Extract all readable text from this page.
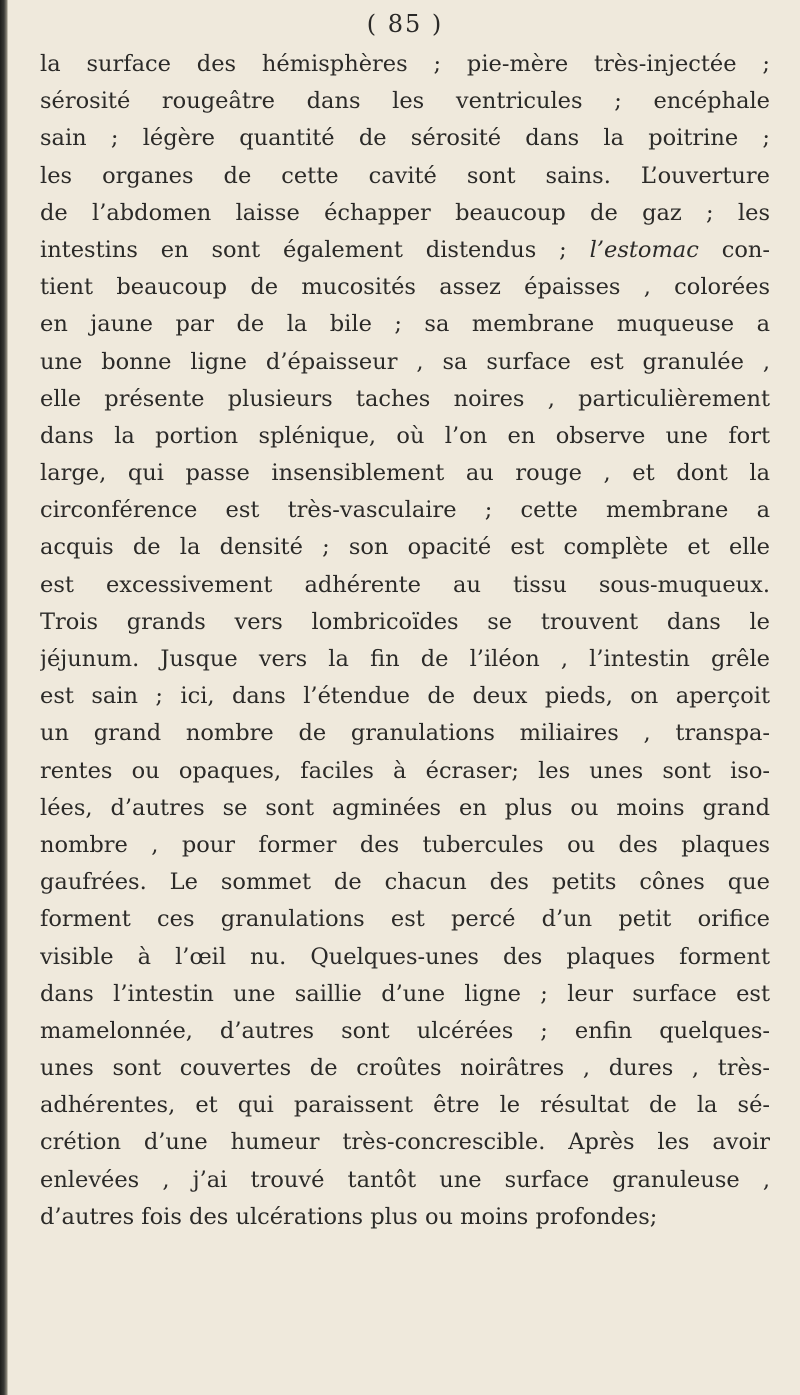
( 85 )
la surface des hémisphères ; pie-mère très-injectée ;
sérosité rougeâtre dans les ventricules ; encéphale
sain ; légère quantité de sérosité dans la poitrine ;
les organes de cette cavité sont sains. L’ouverture
de l’abdomen laisse échapper beaucoup de gaz ; les
intestins en sont également distendus ; l’estomac con-
tient beaucoup de mucosités assez épaisses , colorées
en jaune par de la bile ; sa membrane muqueuse a
une bonne ligne d’épaisseur , sa surface est granulée ,
elle présente plusieurs taches noires , particulièrement
dans la portion splénique, où l’on en observe une fort
large, qui passe insensiblement au rouge , et dont la
circonférence est très-vasculaire ; cette membrane a
acquis de la densité ; son opacité est complète et elle
est excessivement adhérente au tissu sous-muqueux.
Trois grands vers lombricoïdes se trouvent dans le
jéjunum. Jusque vers la fin de l’iléon , l’intestin grêle
est sain ; ici, dans l’étendue de deux pieds, on aperçoit
un grand nombre de granulations miliaires , transpa-
rentes ou opaques, faciles à écraser; les unes sont iso-
lées, d’autres se sont agminées en plus ou moins grand
nombre , pour former des tubercules ou des plaques
gaufrées. Le sommet de chacun des petits cônes que
forment ces granulations est percé d’un petit orifice
visible à l’œil nu. Quelques-unes des plaques forment
dans l’intestin une saillie d’une ligne ; leur surface est
mamelonnée, d’autres sont ulcérées ; enfin quelques-
unes sont couvertes de croûtes noirâtres , dures , très-
adhérentes, et qui paraissent être le résultat de la sé-
crétion d’une humeur très-concrescible. Après les avoir
enlevées , j’ai trouvé tantôt une surface granuleuse ,
d’autres fois des ulcérations plus ou moins profondes;
